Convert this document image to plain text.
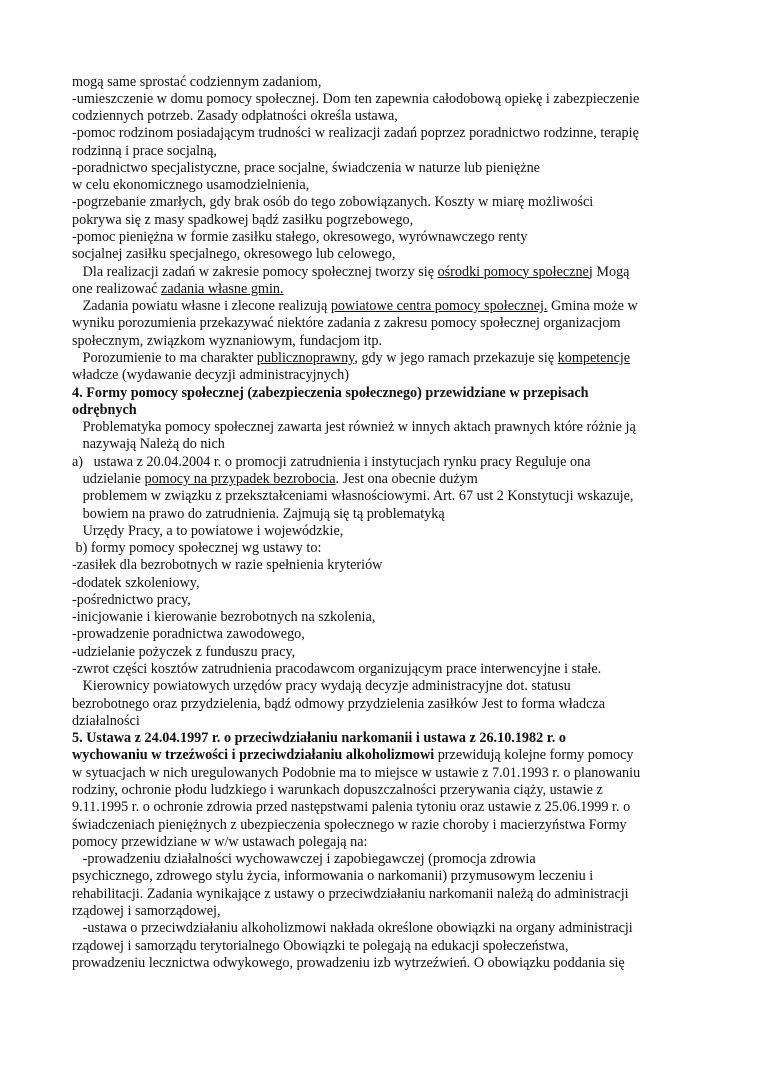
mogą same sprostać codziennym zadaniom,
-umieszczenie w domu pomocy społecznej. Dom ten zapewnia całodobową opiekę i zabezpieczenie
codziennych potrzeb. Zasady odpłatności określa ustawa,
-pomoc rodzinom posiadającym trudności w realizacji zadań poprzez poradnictwo rodzinne, terapię
rodzinną i prace socjalną,
-poradnictwo specjalistyczne, prace socjalne, świadczenia w naturze lub pieniężne
w celu ekonomicznego usamodzielnienia,
-pogrzebanie zmarłych, gdy brak osób do tego zobowiązanych. Koszty w miarę możliwości
pokrywa się z masy spadkowej bądź zasiłku pogrzebowego,
-pomoc pieniężna w formie zasiłku stałego, okresowego, wyrównawczego renty
socjalnej zasiłku specjalnego, okresowego lub celowego,
Dla realizacji zadań w zakresie pomocy społecznej tworzy się ośrodki pomocy społecznej Mogą
one realizować zadania własne gmin.
Zadania powiatu własne i zlecone realizują powiatowe centra pomocy społecznej. Gmina może w
wyniku porozumienia przekazywać niektóre zadania z zakresu pomocy społecznej organizacjom
społecznym, związkom wyznaniowym, fundacjom itp.
Porozumienie to ma charakter publicznoprawny, gdy w jego ramach przekazuje się kompetencje
władcze (wydawanie decyzji administracyjnych)
4. Formy pomocy społecznej (zabezpieczenia społecznego) przewidziane w przepisach
odrębnych
Problematyka pomocy społecznej zawarta jest również w innych aktach prawnych które różnie ją
nazywają Należą do nich
a)   ustawa z 20.04.2004 r. o promocji zatrudnienia i instytucjach rynku pracy Reguluje ona
udzielanie pomocy na przypadek bezrobocia. Jest ona obecnie dużym
problemem w związku z przekształceniami własnościowymi. Art. 67 ust 2 Konstytucji wskazuje,
bowiem na prawo do zatrudnienia. Zajmują się tą problematyką
Urzędy Pracy, a to powiatowe i wojewódzkie,
b) formy pomocy społecznej wg ustawy to:
-zasiłek dla bezrobotnych w razie spełnienia kryteriów
-dodatek szkoleniowy,
-pośrednictwo pracy,
-inicjowanie i kierowanie bezrobotnych na szkolenia,
-prowadzenie poradnictwa zawodowego,
-udzielanie pożyczek z funduszu pracy,
-zwrot części kosztów zatrudnienia pracodawcom organizującym prace interwencyjne i stałe.
Kierownicy powiatowych urzędów pracy wydają decyzje administracyjne dot. statusu
bezrobotnego oraz przydzielenia, bądź odmowy przydzielenia zasiłków Jest to forma władcza
działalności
5. Ustawa z 24.04.1997 r. o przeciwdziałaniu narkomanii i ustawa z 26.10.1982 r. o
wychowaniu w trzeźwości i przeciwdziałaniu alkoholizmowi przewidują kolejne formy pomocy
w sytuacjach w nich uregulowanych Podobnie ma to miejsce w ustawie z 7.01.1993 r. o planowaniu
rodziny, ochronie płodu ludzkiego i warunkach dopuszczalności przerywania ciąży, ustawie z
9.11.1995 r. o ochronie zdrowia przed następstwami palenia tytoniu oraz ustawie z 25.06.1999 r. o
świadczeniach pieniężnych z ubezpieczenia społecznego w razie choroby i macierzyństwa Formy
pomocy przewidziane w w/w ustawach polegają na:
-prowadzeniu działalności wychowawczej i zapobiegawczej (promocja zdrowia
psychicznego, zdrowego stylu życia, informowania o narkomanii) przymusowym leczeniu i
rehabilitacji. Zadania wynikające z ustawy o przeciwdziałaniu narkomanii należą do administracji
rządowej i samorządowej,
-ustawa o przeciwdziałaniu alkoholizmowi nakłada określone obowiązki na organy administracji
rządowej i samorządu terytorialnego Obowiązki te polegają na edukacji społeczeństwa,
prowadzeniu lecznictwa odwykowego, prowadzeniu izb wytrzeźwień. O obowiązku poddania się
